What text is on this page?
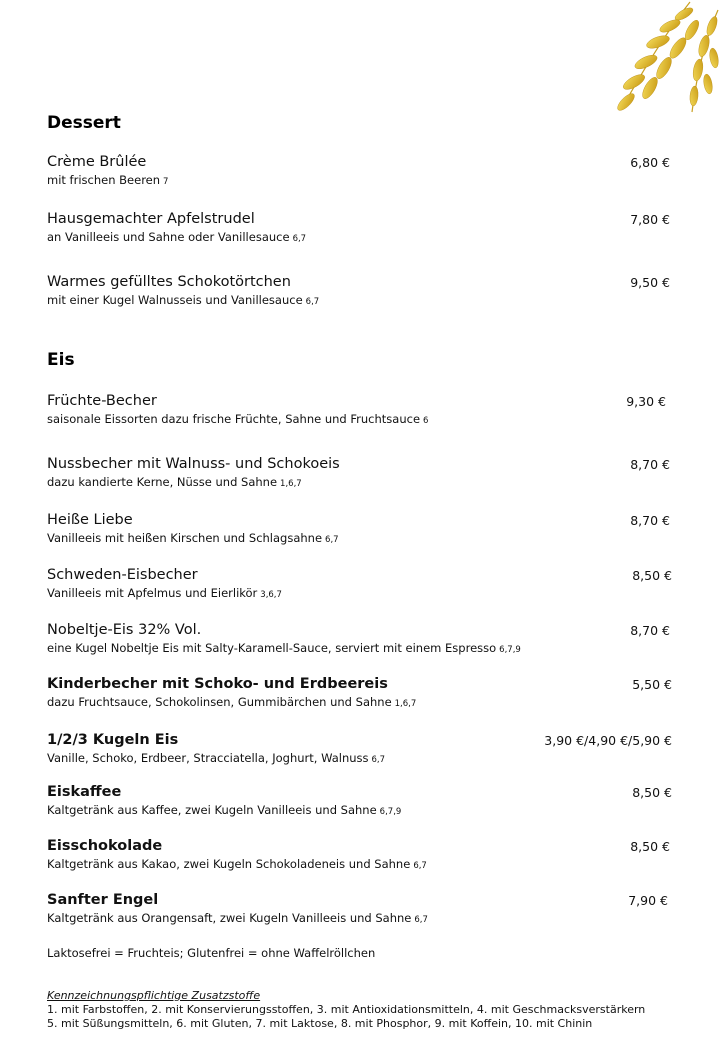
Dessert
Crème Brûlée
mit frischen Beeren 7
6,80 €
Hausgemachter Apfelstrudel
an Vanilleeis und Sahne oder Vanillesauce 6,7
7,80 €
Warmes gefülltes Schokotörtchen
mit einer Kugel Walnusseis und Vanillesauce 6,7
9,50 €
Eis
Früchte-Becher
saisonale Eissorten dazu frische Früchte, Sahne und Fruchtsauce 6
9,30 €
Nussbecher mit Walnuss- und Schokoeis
dazu kandierte Kerne, Nüsse und Sahne 1,6,7
8,70 €
Heiße Liebe
Vanilleeis mit heißen Kirschen und Schlagsahne 6,7
8,70 €
Schweden-Eisbecher
Vanilleeis mit Apfelmus und Eierlikör 3,6,7
8,50 €
Nobeltje-Eis 32% Vol.
eine Kugel Nobeltje Eis mit Salty-Karamell-Sauce, serviert mit einem Espresso 6,7,9
8,70 €
Kinderbecher mit Schoko- und Erdbeereis
dazu Fruchtsauce, Schokolinsen, Gummibärchen und Sahne 1,6,7
5,50 €
1/2/3 Kugeln Eis
Vanille, Schoko, Erdbeer, Stracciatella, Joghurt, Walnuss 6,7
3,90 €/4,90 €/5,90 €
Eiskaffee
Kaltgetränk aus Kaffee, zwei Kugeln Vanilleeis und Sahne 6,7,9
8,50 €
Eisschokolade
Kaltgetränk aus Kakao, zwei Kugeln Schokoladeneis und Sahne 6,7
8,50 €
Sanfter Engel
Kaltgetränk aus Orangensaft, zwei Kugeln Vanilleeis und Sahne 6,7
7,90 €
Laktosefrei = Fruchteis; Glutenfrei = ohne Waffelröllchen
Kennzeichnungspflichtige Zusatzstoffe
1. mit Farbstoffen, 2. mit Konservierungsstoffen, 3. mit Antioxidationsmitteln, 4. mit Geschmacksverstärkern
5. mit Süßungsmitteln, 6. mit Gluten, 7. mit Laktose, 8. mit Phosphor, 9. mit Koffein, 10. mit Chinin
